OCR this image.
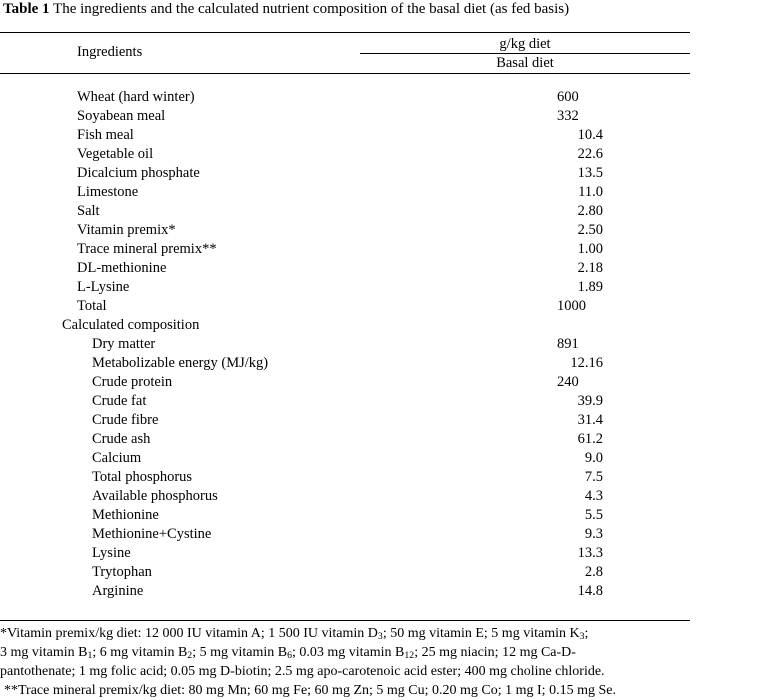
Table 1 The ingredients and the calculated nutrient composition of the basal diet (as fed basis)
Ingredients	g/kg diet
Basal diet
Wheat (hard winter)	600
Soyabean meal	332
Fish meal	10.4
Vegetable oil	22.6
Dicalcium phosphate	13.5
Limestone	11.0
Salt	2.80
Vitamin premix*	2.50
Trace mineral premix**	1.00
DL-methionine	2.18
L-Lysine	1.89
Total	1000
Calculated composition
Dry matter	891
Metabolizable energy (MJ/kg)	12.16
Crude protein	240
Crude fat	39.9
Crude fibre	31.4
Crude ash	61.2
Calcium	9.0
Total phosphorus	7.5
Available phosphorus	4.3
Methionine	5.5
Methionine+Cystine	9.3
Lysine	13.3
Trytophan	2.8
Arginine	14.8
*Vitamin premix/kg diet: 12 000 IU vitamin A; 1 500 IU vitamin $D_3$; 50 mg vitamin E; 5 mg vitamin $K_3$;
3 mg vitamin $B_1$; 6 mg vitamin $B_2$; 5 mg vitamin $B_6$; 0.03 mg vitamin $B_{12}$; 25 mg niacin; 12 mg Ca-D-
pantothenate; 1 mg folic acid; 0.05 mg D-biotin; 2.5 mg apo-carotenoic acid ester; 400 mg choline chloride.
**Trace mineral premix/kg diet: 80 mg Mn; 60 mg Fe; 60 mg Zn; 5 mg Cu; 0.20 mg Co; 1 mg I; 0.15 mg Se.
